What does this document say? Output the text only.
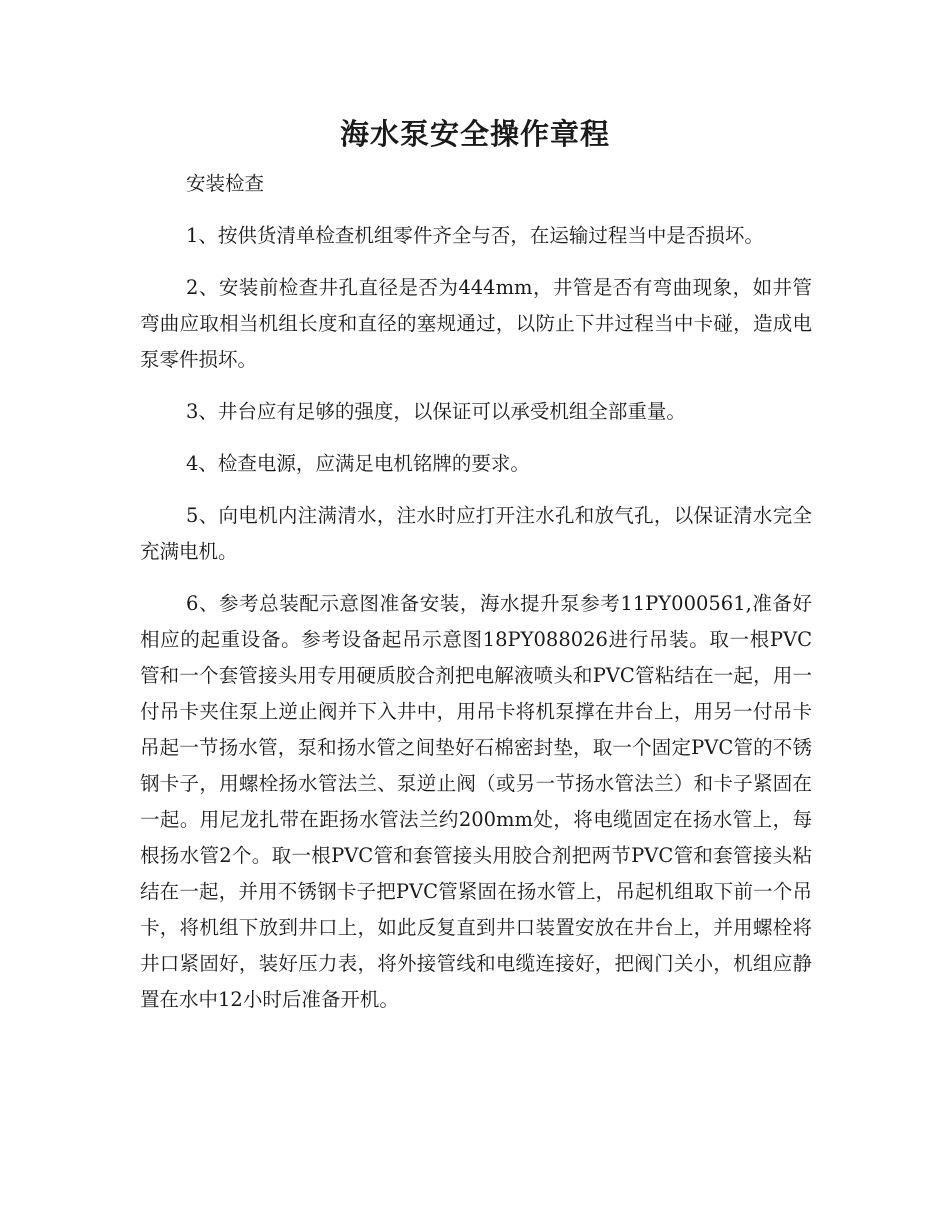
海水泵安全操作章程

安装检查

1、按供货清单检查机组零件齐全与否，在运输过程当中是否损坏。

2、安装前检查井孔直径是否为444mm，井管是否有弯曲现象，如井管弯曲应取相当机组长度和直径的塞规通过，以防止下井过程当中卡碰，造成电泵零件损坏。

3、井台应有足够的强度，以保证可以承受机组全部重量。

4、检查电源，应满足电机铭牌的要求。

5、向电机内注满清水，注水时应打开注水孔和放气孔，以保证清水完全充满电机。

6、参考总装配示意图准备安装，海水提升泵参考11PY000561,准备好相应的起重设备。参考设备起吊示意图18PY088026进行吊装。取一根PVC管和一个套管接头用专用硬质胶合剂把电解液喷头和PVC管粘结在一起，用一付吊卡夹住泵上逆止阀并下入井中，用吊卡将机泵撑在井台上，用另一付吊卡吊起一节扬水管，泵和扬水管之间垫好石棉密封垫，取一个固定PVC管的不锈钢卡子，用螺栓扬水管法兰、泵逆止阀（或另一节扬水管法兰）和卡子紧固在一起。用尼龙扎带在距扬水管法兰约200mm处，将电缆固定在扬水管上，每根扬水管2个。取一根PVC管和套管接头用胶合剂把两节PVC管和套管接头粘结在一起，并用不锈钢卡子把PVC管紧固在扬水管上，吊起机组取下前一个吊卡，将机组下放到井口上，如此反复直到井口装置安放在井台上，并用螺栓将井口紧固好，装好压力表，将外接管线和电缆连接好，把阀门关小，机组应静置在水中12小时后准备开机。
